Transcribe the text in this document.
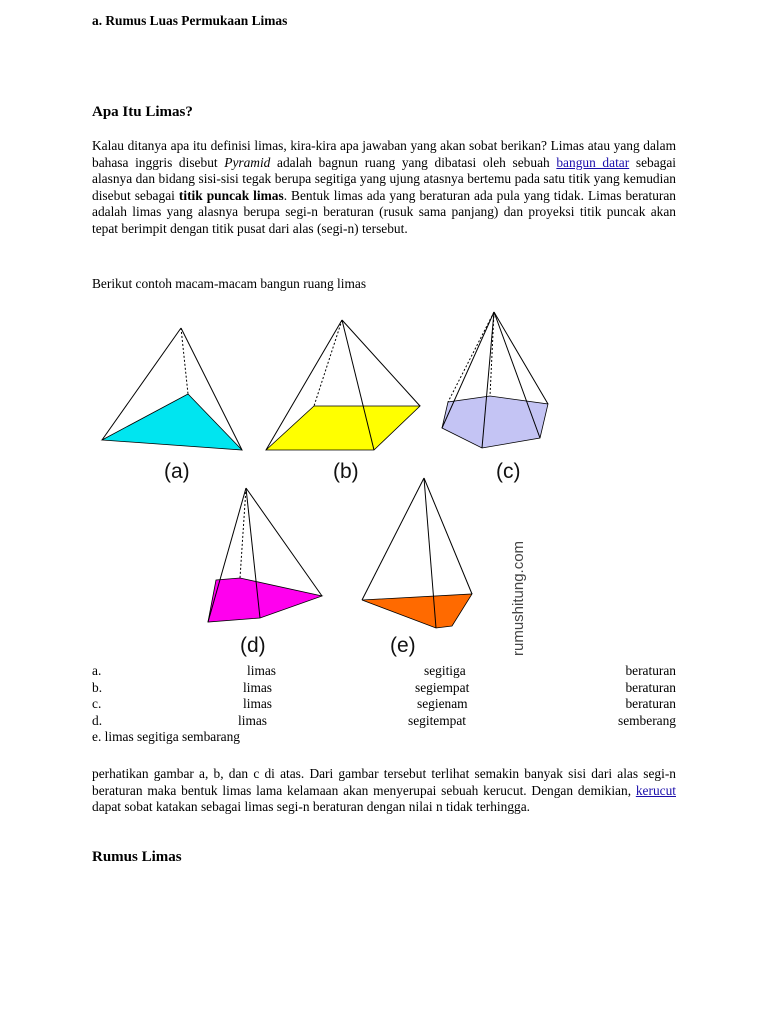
Apa Itu Limas?

Kalau ditanya apa itu definisi limas, kira-kira apa jawaban yang akan sobat berikan? Limas atau yang dalam bahasa inggris disebut Pyramid adalah bagnun ruang yang dibatasi oleh sebuah bangun datar sebagai alasnya dan bidang sisi-sisi tegak berupa segitiga yang ujung atasnya bertemu pada satu titik yang kemudian disebut sebagai titik puncak limas. Bentuk limas ada yang beraturan ada pula yang tidak. Limas beraturan adalah limas yang alasnya berupa segi-n beraturan (rusuk sama panjang) dan proyeksi titik puncak akan tepat berimpit dengan titik pusat dari alas (segi-n) tersebut.

Berikut contoh macam-macam bangun ruang limas

(a)	(b)	(c)
(d)	(e)	rumushitung.com
a.	limas	segitiga	beraturan
b.	limas	segiempat	beraturan
c.	limas	segienam	beraturan
d.	limas	segitempat	semberang
e. limas segitiga sembarang

perhatikan gambar a, b, dan c di atas. Dari gambar tersebut terlihat semakin banyak sisi dari alas segi-n beraturan maka bentuk limas lama kelamaan akan menyerupai sebuah kerucut. Dengan demikian, kerucut dapat sobat katakan sebagai limas segi-n beraturan dengan nilai n tidak terhingga.

Rumus Limas
a. Rumus Luas Permukaan Limas
